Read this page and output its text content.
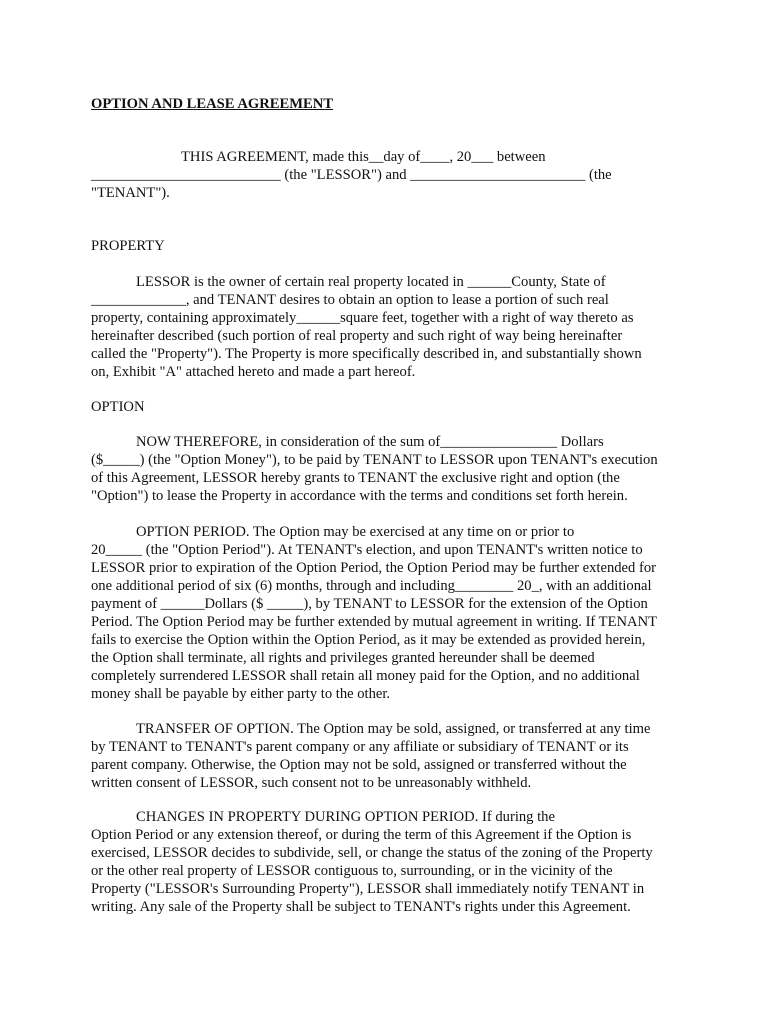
OPTION AND LEASE AGREEMENT
THIS AGREEMENT, made this__day of____, 20___ between
__________________________ (the "LESSOR") and ________________________ (the
"TENANT").
PROPERTY
LESSOR is the owner of certain real property located in ______County, State of
_____________, and TENANT desires to obtain an option to lease a portion of such real
property, containing approximately______square feet, together with a right of way thereto as
hereinafter described (such portion of real property and such right of way being hereinafter
called the "Property"). The Property is more specifically described in, and substantially shown
on, Exhibit "A" attached hereto and made a part hereof.
OPTION
NOW THEREFORE, in consideration of the sum of________________ Dollars
($_____) (the "Option Money"), to be paid by TENANT to LESSOR upon TENANT's execution
of this Agreement, LESSOR hereby grants to TENANT the exclusive right and option (the
"Option") to lease the Property in accordance with the terms and conditions set forth herein.
OPTION PERIOD. The Option may be exercised at any time on or prior to
20_____ (the "Option Period"). At TENANT's election, and upon TENANT's written notice to
LESSOR prior to expiration of the Option Period, the Option Period may be further extended for
one additional period of six (6) months, through and including________ 20_, with an additional
payment of ______Dollars ($ _____), by TENANT to LESSOR for the extension of the Option
Period. The Option Period may be further extended by mutual agreement in writing. If TENANT
fails to exercise the Option within the Option Period, as it may be extended as provided herein,
the Option shall terminate, all rights and privileges granted hereunder shall be deemed
completely surrendered LESSOR shall retain all money paid for the Option, and no additional
money shall be payable by either party to the other.
TRANSFER OF OPTION. The Option may be sold, assigned, or transferred at any time
by TENANT to TENANT's parent company or any affiliate or subsidiary of TENANT or its
parent company. Otherwise, the Option may not be sold, assigned or transferred without the
written consent of LESSOR, such consent not to be unreasonably withheld.
CHANGES IN PROPERTY DURING OPTION PERIOD. If during the
Option Period or any extension thereof, or during the term of this Agreement if the Option is
exercised, LESSOR decides to subdivide, sell, or change the status of the zoning of the Property
or the other real property of LESSOR contiguous to, surrounding, or in the vicinity of the
Property ("LESSOR's Surrounding Property"), LESSOR shall immediately notify TENANT in
writing. Any sale of the Property shall be subject to TENANT's rights under this Agreement.
